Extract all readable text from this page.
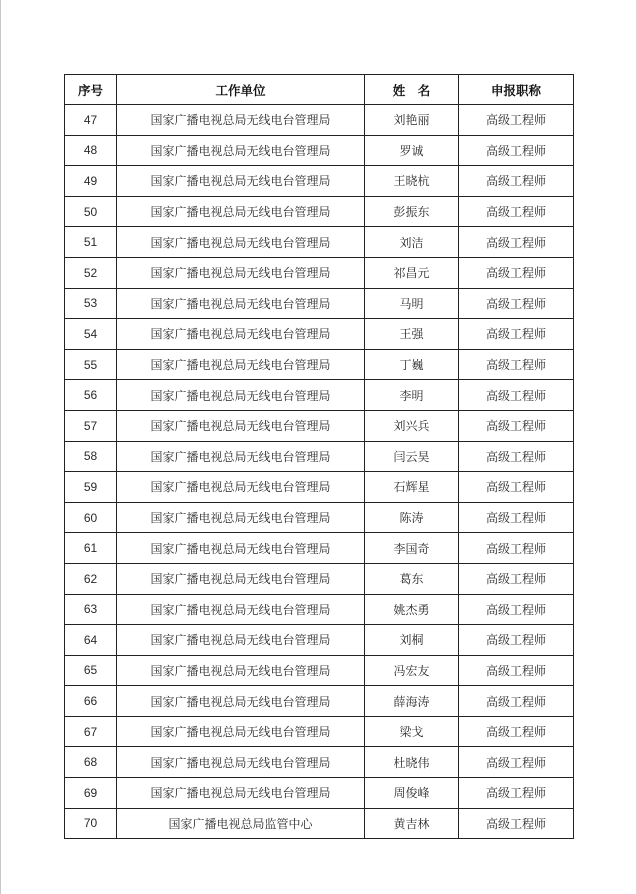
序号	工作单位	姓　名	申报职称
47	国家广播电视总局无线电台管理局	刘艳丽	高级工程师
48	国家广播电视总局无线电台管理局	罗诚	高级工程师
49	国家广播电视总局无线电台管理局	王晓杭	高级工程师
50	国家广播电视总局无线电台管理局	彭振东	高级工程师
51	国家广播电视总局无线电台管理局	刘洁	高级工程师
52	国家广播电视总局无线电台管理局	祁昌元	高级工程师
53	国家广播电视总局无线电台管理局	马明	高级工程师
54	国家广播电视总局无线电台管理局	王强	高级工程师
55	国家广播电视总局无线电台管理局	丁巍	高级工程师
56	国家广播电视总局无线电台管理局	李明	高级工程师
57	国家广播电视总局无线电台管理局	刘兴兵	高级工程师
58	国家广播电视总局无线电台管理局	闫云昊	高级工程师
59	国家广播电视总局无线电台管理局	石辉星	高级工程师
60	国家广播电视总局无线电台管理局	陈涛	高级工程师
61	国家广播电视总局无线电台管理局	李国奇	高级工程师
62	国家广播电视总局无线电台管理局	葛东	高级工程师
63	国家广播电视总局无线电台管理局	姚杰勇	高级工程师
64	国家广播电视总局无线电台管理局	刘桐	高级工程师
65	国家广播电视总局无线电台管理局	冯宏友	高级工程师
66	国家广播电视总局无线电台管理局	薛海涛	高级工程师
67	国家广播电视总局无线电台管理局	梁戈	高级工程师
68	国家广播电视总局无线电台管理局	杜晓伟	高级工程师
69	国家广播电视总局无线电台管理局	周俊峰	高级工程师
70	国家广播电视总局监管中心	黄吉林	高级工程师
